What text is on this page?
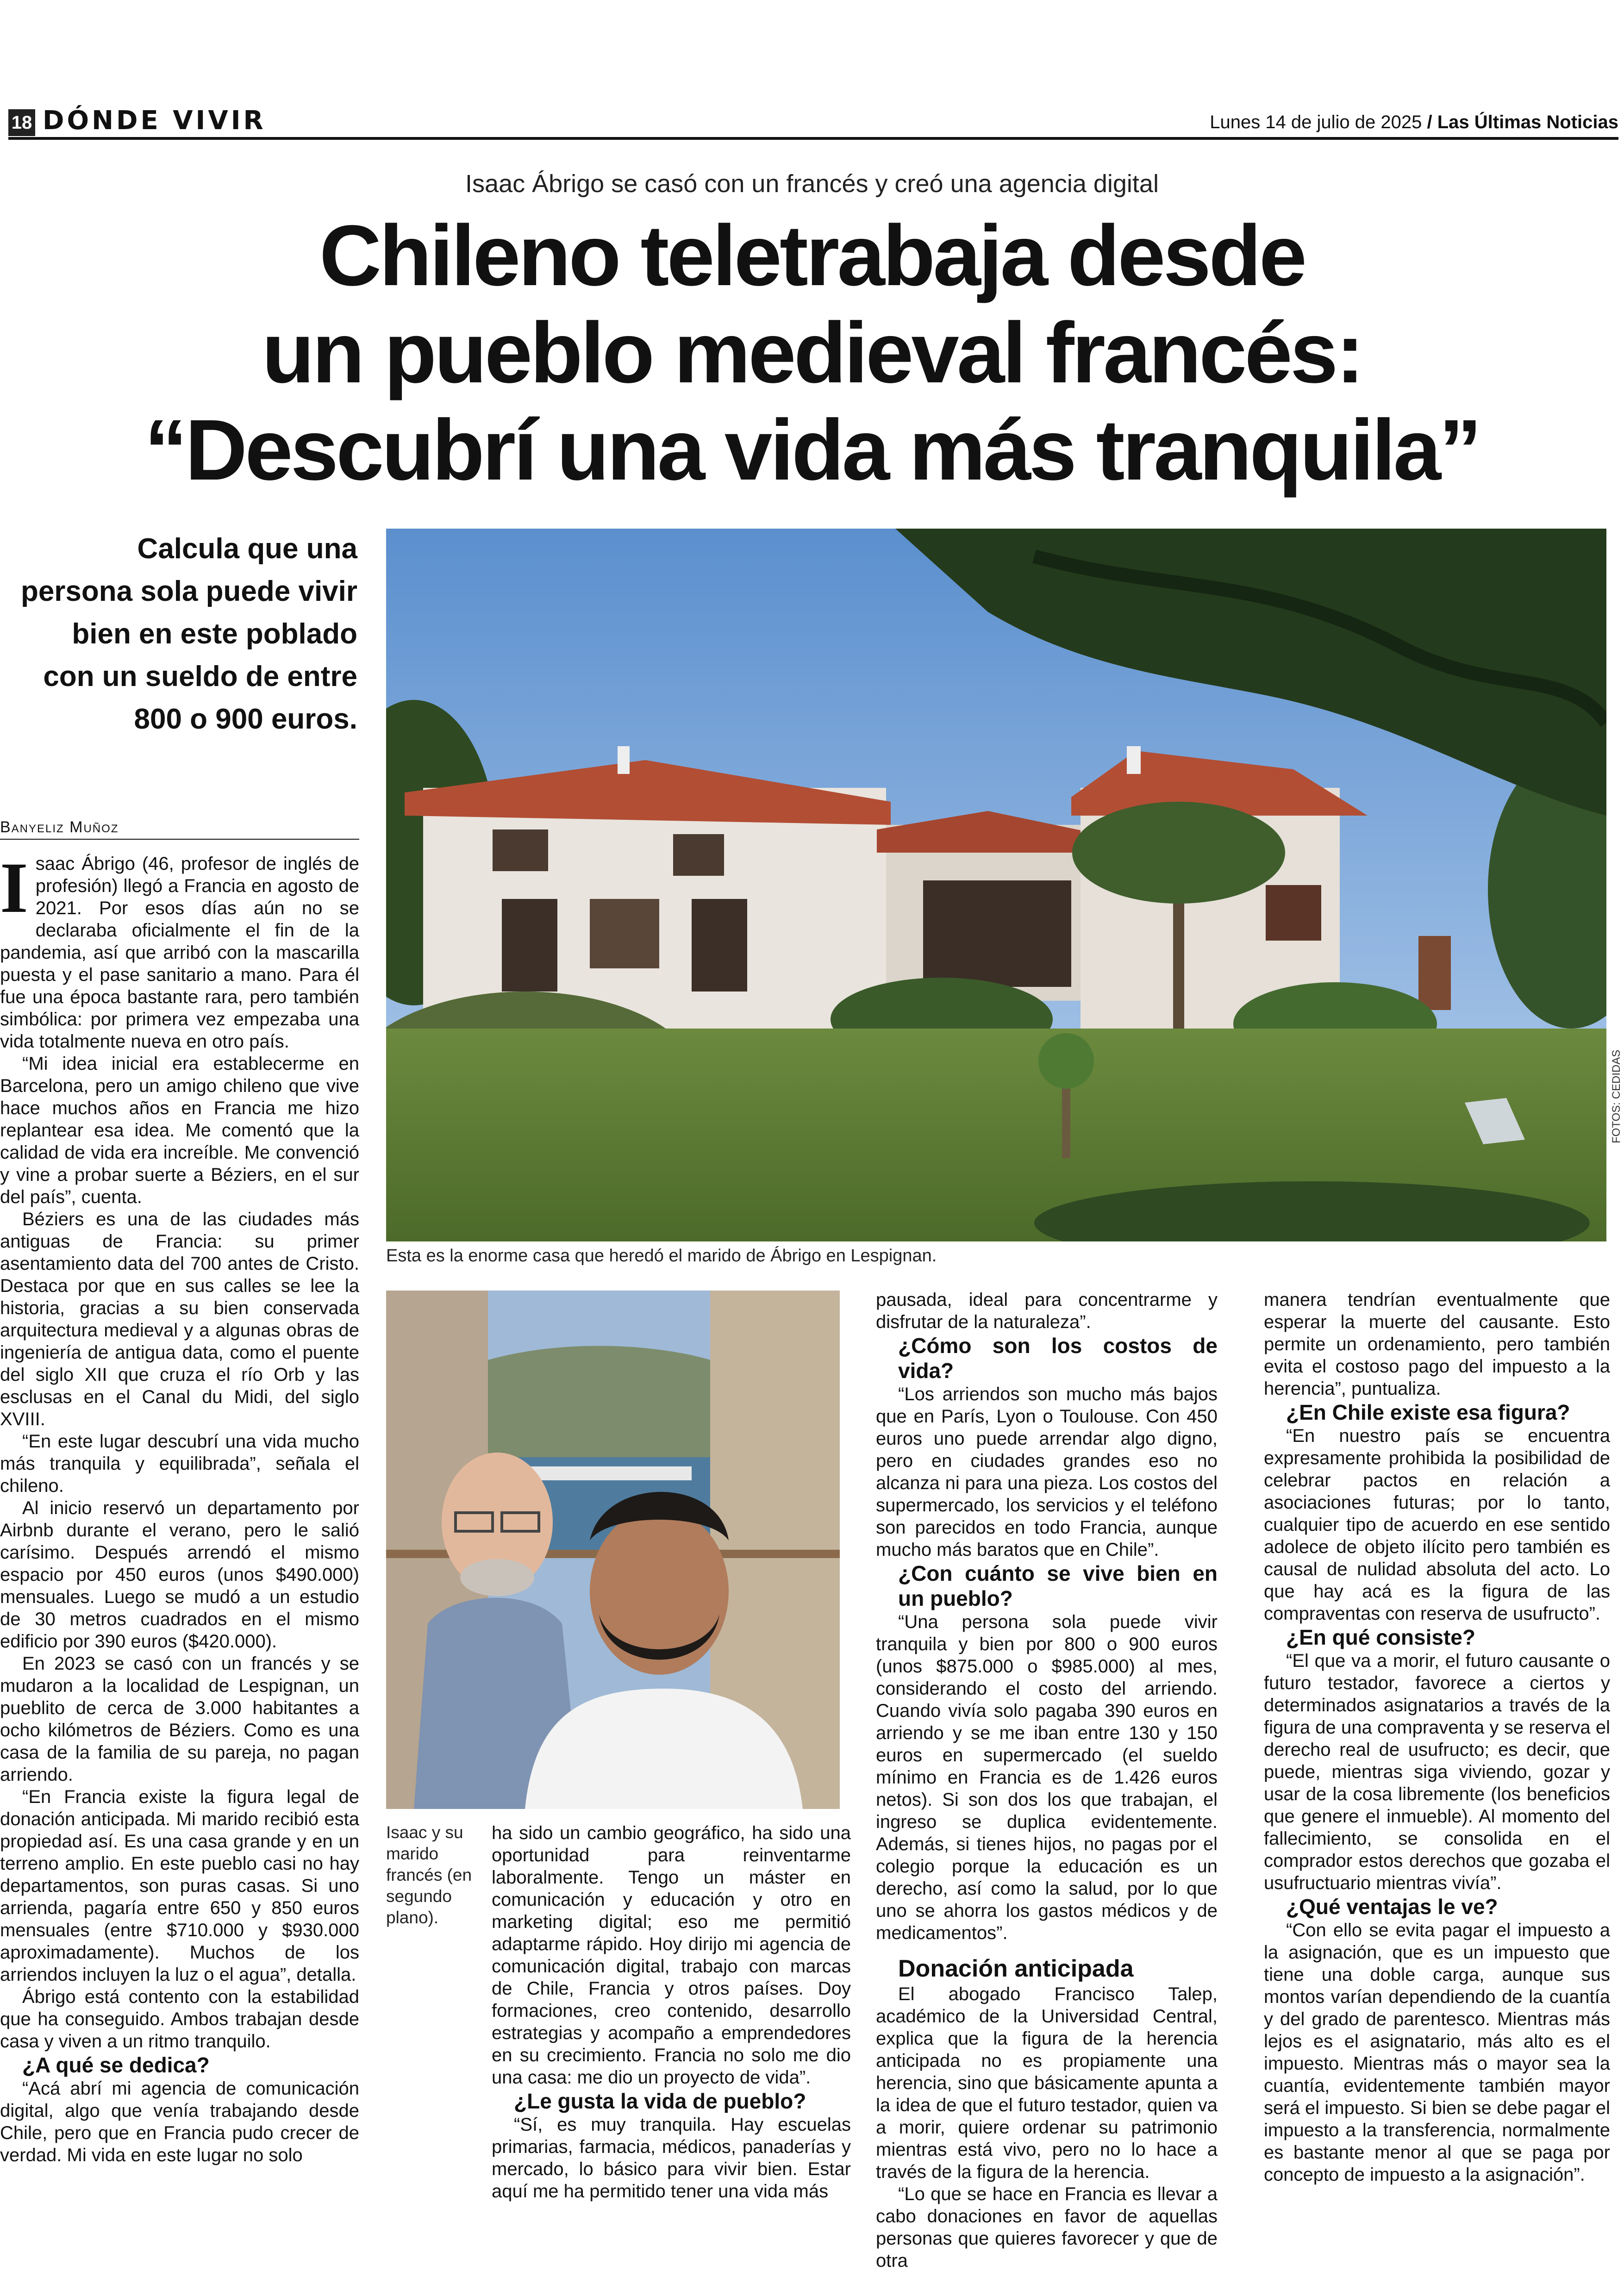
18 DÓNDE VIVIR	Lunes 14 de julio de 2025 / Las Últimas Noticias
Isaac Ábrigo se casó con un francés y creó una agencia digital
Chileno teletrabaja desde
un pueblo medieval francés:
“Descubrí una vida más tranquila”
Calcula que una
persona sola puede vivir
bien en este poblado
con un sueldo de entre
800 o 900 euros.
FOTOS: CEDIDAS
Esta es la enorme casa que heredó el marido de Ábrigo en Lespignan.
Isaac y su marido francés (en segundo plano).
Banyeliz Muñoz

Isaac Ábrigo (46, profesor de inglés de profesión) llegó a Francia en agosto de 2021. Por esos días aún no se declaraba oficialmente el fin de la pandemia, así que arribó con la mascarilla puesta y el pase sanitario a mano. Para él fue una época bastante rara, pero también simbólica: por primera vez empezaba una vida totalmente nueva en otro país.

“Mi idea inicial era establecerme en Barcelona, pero un amigo chileno que vive hace muchos años en Francia me hizo replantear esa idea. Me comentó que la calidad de vida era increíble. Me convenció y vine a probar suerte a Béziers, en el sur del país”, cuenta.

Béziers es una de las ciudades más antiguas de Francia: su primer asentamiento data del 700 antes de Cristo. Destaca por que en sus calles se lee la historia, gracias a su bien conservada arquitectura medieval y a algunas obras de ingeniería de antigua data, como el puente del siglo XII que cruza el río Orb y las esclusas en el Canal du Midi, del siglo XVIII.

“En este lugar descubrí una vida mucho más tranquila y equilibrada”, señala el chileno.

Al inicio reservó un departamento por Airbnb durante el verano, pero le salió carísimo. Después arrendó el mismo espacio por 450 euros (unos $490.000) mensuales. Luego se mudó a un estudio de 30 metros cuadrados en el mismo edificio por 390 euros ($420.000).

En 2023 se casó con un francés y se mudaron a la localidad de Lespignan, un pueblito de cerca de 3.000 habitantes a ocho kilómetros de Béziers. Como es una casa de la familia de su pareja, no pagan arriendo.

“En Francia existe la figura legal de donación anticipada. Mi marido recibió esta propiedad así. Es una casa grande y en un terreno amplio. En este pueblo casi no hay departamentos, son puras casas. Si uno arrienda, pagaría entre 650 y 850 euros mensuales (entre $710.000 y $930.000 aproximadamente). Muchos de los arriendos incluyen la luz o el agua”, detalla.

Ábrigo está contento con la estabilidad que ha conseguido. Ambos trabajan desde casa y viven a un ritmo tranquilo.

¿A qué se dedica?

“Acá abrí mi agencia de comunicación digital, algo que venía trabajando desde Chile, pero que en Francia pudo crecer de verdad. Mi vida en este lugar no solo

ha sido un cambio geográfico, ha sido una oportunidad para reinventarme laboralmente. Tengo un máster en comunicación y educación y otro en marketing digital; eso me permitió adaptarme rápido. Hoy dirijo mi agencia de comunicación digital, trabajo con marcas de Chile, Francia y otros países. Doy formaciones, creo contenido, desarrollo estrategias y acompaño a emprendedores en su crecimiento. Francia no solo me dio una casa: me dio un proyecto de vida”.

¿Le gusta la vida de pueblo?

“Sí, es muy tranquila. Hay escuelas primarias, farmacia, médicos, panaderías y mercado, lo básico para vivir bien. Estar aquí me ha permitido tener una vida más

pausada, ideal para concentrarme y disfrutar de la naturaleza”.

¿Cómo son los costos de vida?

“Los arriendos son mucho más bajos que en París, Lyon o Toulouse. Con 450 euros uno puede arrendar algo digno, pero en ciudades grandes eso no alcanza ni para una pieza. Los costos del supermercado, los servicios y el teléfono son parecidos en todo Francia, aunque mucho más baratos que en Chile”.

¿Con cuánto se vive bien en un pueblo?

“Una persona sola puede vivir tranquila y bien por 800 o 900 euros (unos $875.000 o $985.000) al mes, considerando el costo del arriendo. Cuando vivía solo pagaba 390 euros en arriendo y se me iban entre 130 y 150 euros en supermercado (el sueldo mínimo en Francia es de 1.426 euros netos). Si son dos los que trabajan, el ingreso se duplica evidentemente. Además, si tienes hijos, no pagas por el colegio porque la educación es un derecho, así como la salud, por lo que uno se ahorra los gastos médicos y de medicamentos”.

Donación anticipada

El abogado Francisco Talep, académico de la Universidad Central, explica que la figura de la herencia anticipada no es propiamente una herencia, sino que básicamente apunta a la idea de que el futuro testador, quien va a morir, quiere ordenar su patrimonio mientras está vivo, pero no lo hace a través de la figura de la herencia.

“Lo que se hace en Francia es llevar a cabo donaciones en favor de aquellas personas que quieres favorecer y que de otra

manera tendrían eventualmente que esperar la muerte del causante. Esto permite un ordenamiento, pero también evita el costoso pago del impuesto a la herencia”, puntualiza.

¿En Chile existe esa figura?

“En nuestro país se encuentra expresamente prohibida la posibilidad de celebrar pactos en relación a asociaciones futuras; por lo tanto, cualquier tipo de acuerdo en ese sentido adolece de objeto ilícito pero también es causal de nulidad absoluta del acto. Lo que hay acá es la figura de las compraventas con reserva de usufructo”.

¿En qué consiste?

“El que va a morir, el futuro causante o futuro testador, favorece a ciertos y determinados asignatarios a través de la figura de una compraventa y se reserva el derecho real de usufructo; es decir, que puede, mientras siga viviendo, gozar y usar de la cosa libremente (los beneficios que genere el inmueble). Al momento del fallecimiento, se consolida en el comprador estos derechos que gozaba el usufructuario mientras vivía”.

¿Qué ventajas le ve?

“Con ello se evita pagar el impuesto a la asignación, que es un impuesto que tiene una doble carga, aunque sus montos varían dependiendo de la cuantía y del grado de parentesco. Mientras más lejos es el asignatario, más alto es el impuesto. Mientras más o mayor sea la cuantía, evidentemente también mayor será el impuesto. Si bien se debe pagar el impuesto a la transferencia, normalmente es bastante menor al que se paga por concepto de impuesto a la asignación”.
